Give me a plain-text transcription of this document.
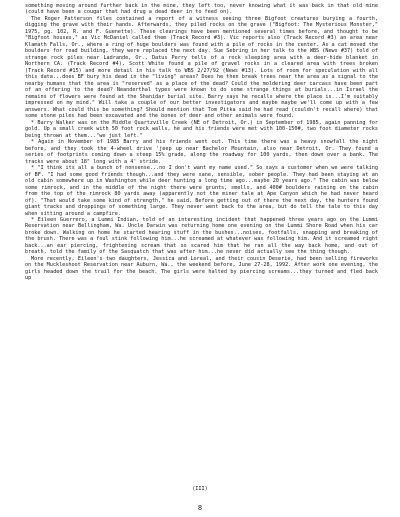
something moving around further back in the mine, they left too, never knowing what it was back in that old mine (could have been a cougar that had drug a dead deer in to feed on).

The Roger Patterson files contained a report of a witness seeing three Bigfoot creatures burying a fourth, digging the grave with their hands. Afterwards, they piled rocks on the grave ("Bigfoot: The Mysterious Monster," 1975, pg. 102, R. and F. Guenette). These clearings have been mentioned several times before, and thought to be "Bigfoot houses," as Vic McDaniel called them (Track Record #3). Vic reports also (Track Record #3) an area near Klamath Falls, Or., where a ring of huge boulders was found with a pile of rocks in the center. As a cat moved the boulders for road building, they were replaced the next day. Sue Sebring in her talk to the WBS (News #37) told of strange rock piles near Ladrande, Or., Datus Perry tells of a rock sleeping area with a deer-hide blanket in Northern CA. (Track Record #4), Scott White found a pile of gravel rocks in a cleared area with trees broken (Track Record #15) and more detail in his talk to WBS 2/27/92 (News #13). Lots of room for speculation with all this data...does BF bury his dead in the "living" areas? Does he then break trees near the area as a signal to the nearby humans that the area is "reserved" as a place of the dead? Could the moldering deer carcass have been part of an offering to the dead? Neanderthal types were known to do some strange things at burials...in Israel the remains of flowers were found at the Shanidar burial site. Barry says he recalls where the place is...I'm suitably impressed on my mind." Will take a couple of our better investigators and maybe maybe we'll come up with a few answers. What could this be something? Should mention that Tom Pitka said he had read (couldn't recall where) that some stone piles had been excavated and the bones of deer and other animals were found.

* Barry Walker was on the Middle Quartzville Creek (NE of Detroit, Or.) in September of 1985, again panning for gold. Up a small creek with 50 foot rock walls, he and his friends were met with 100-150#, two foot diameter rocks being thrown at them..."we just left."

* Again in November of 1985 Barry and his friends went out. This time there was a heavy snowfall the night before, and they took the 4-wheel drive 'jeep up near Bachelor Mountain, also near Detroit, Or. They found a series of footprints coming down a steep 15% grade, along the roadway for 100 yards, then down over a bank. The tracks were about 18" long with a 4' stride.

* "I think its all a bunch of nonsense...no I don't want my name used." So says a customer when we were talking of BF. "I had some good friends though...and they were sane, sensible, sober people. They had been staying at an old cabin somewhere up in Washington while deer hunting a long time ago...maybe 20 years ago." The cabin was below some rimrock, and in the middle of the night there were grunts, smells, and 400# boulders raining on the cabin from the top of the rimrock 80 yards away (apparently not the miner tale at Ape Canyon which he had never heard of). "That would take some kind of strength," he said. Before getting out of there the next day, the hunters found giant tracks and droppings of something large. They never went back to the area, but do tell the tale to this day when sitting around a campfire.

* Eileen Guerrero, a Lummi Indian, told of an interesting incident that happened three years ago on the Lummi Reservation near Bellingham, Wa. Uncle Darwin was returning home one evening on the Lummi Shore Road when his car broke down. Walking on home he started hearing stuff in the bushes...noises, footfalls, snapping and breaking of the brush. There was a foul stink following him...he screamed at whatever was following him. And it screamed right back...an ear piercing, frightening scream that so scared him that he ran all the way back home, and out of breath, told the family of the Sasquatch that was after him...he never did actually see the thing though.

More recently, Eileen's two daughters, Jessica and Loreal, and their cousin Deserie, had been selling fireworks on the Muckleshoot Reservation near Auburn, Wa., the weekend before, June 27-28, 1992. After work one evening, the girls headed down the trail for the beach. The girls were halted by piercing screams...they turned and fled back up

(III)
8
